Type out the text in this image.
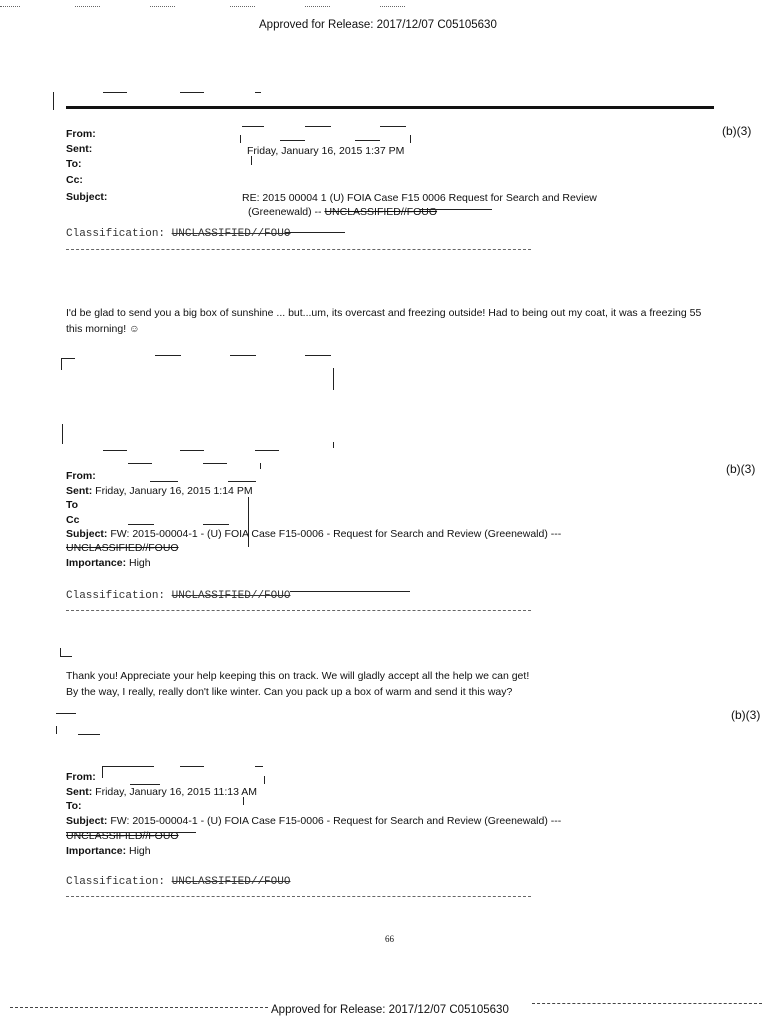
Approved for Release: 2017/12/07 C05105630
From:
Sent:
To:
Cc:
Subject:
Friday, January 16, 2015 1:37 PM
RE: 2015 00004 1 (U) FOIA Case F15 0006 Request for Search and Review
(Greenewald) -- UNCLASSIFIED//FOUO
(b)(3)
Classification: UNCLASSIFIED//FOUO
I'd be glad to send you a big box of sunshine ... but...um, its overcast and freezing outside! Had to being out my coat, it was a freezing 55 this morning! ☺
From:	(b)(3)
Sent: Friday, January 16, 2015 1:14 PM
To
Cc
Subject: FW: 2015-00004-1 - (U) FOIA Case F15-0006 - Request for Search and Review (Greenewald) ---
UNCLASSIFIED//FOUO
Importance: High
Classification: UNCLASSIFIED//FOUO
Thank you! Appreciate your help keeping this on track. We will gladly accept all the help we can get!
By the way, I really, really don't like winter. Can you pack up a box of warm and send it this way?
(b)(3)
From:
Sent: Friday, January 16, 2015 11:13 AM
To:
Subject: FW: 2015-00004-1 - (U) FOIA Case F15-0006 - Request for Search and Review (Greenewald) ---
UNCLASSIFIED//FOUO
Importance: High
Classification: UNCLASSIFIED//FOUO
66
Approved for Release: 2017/12/07 C05105630
